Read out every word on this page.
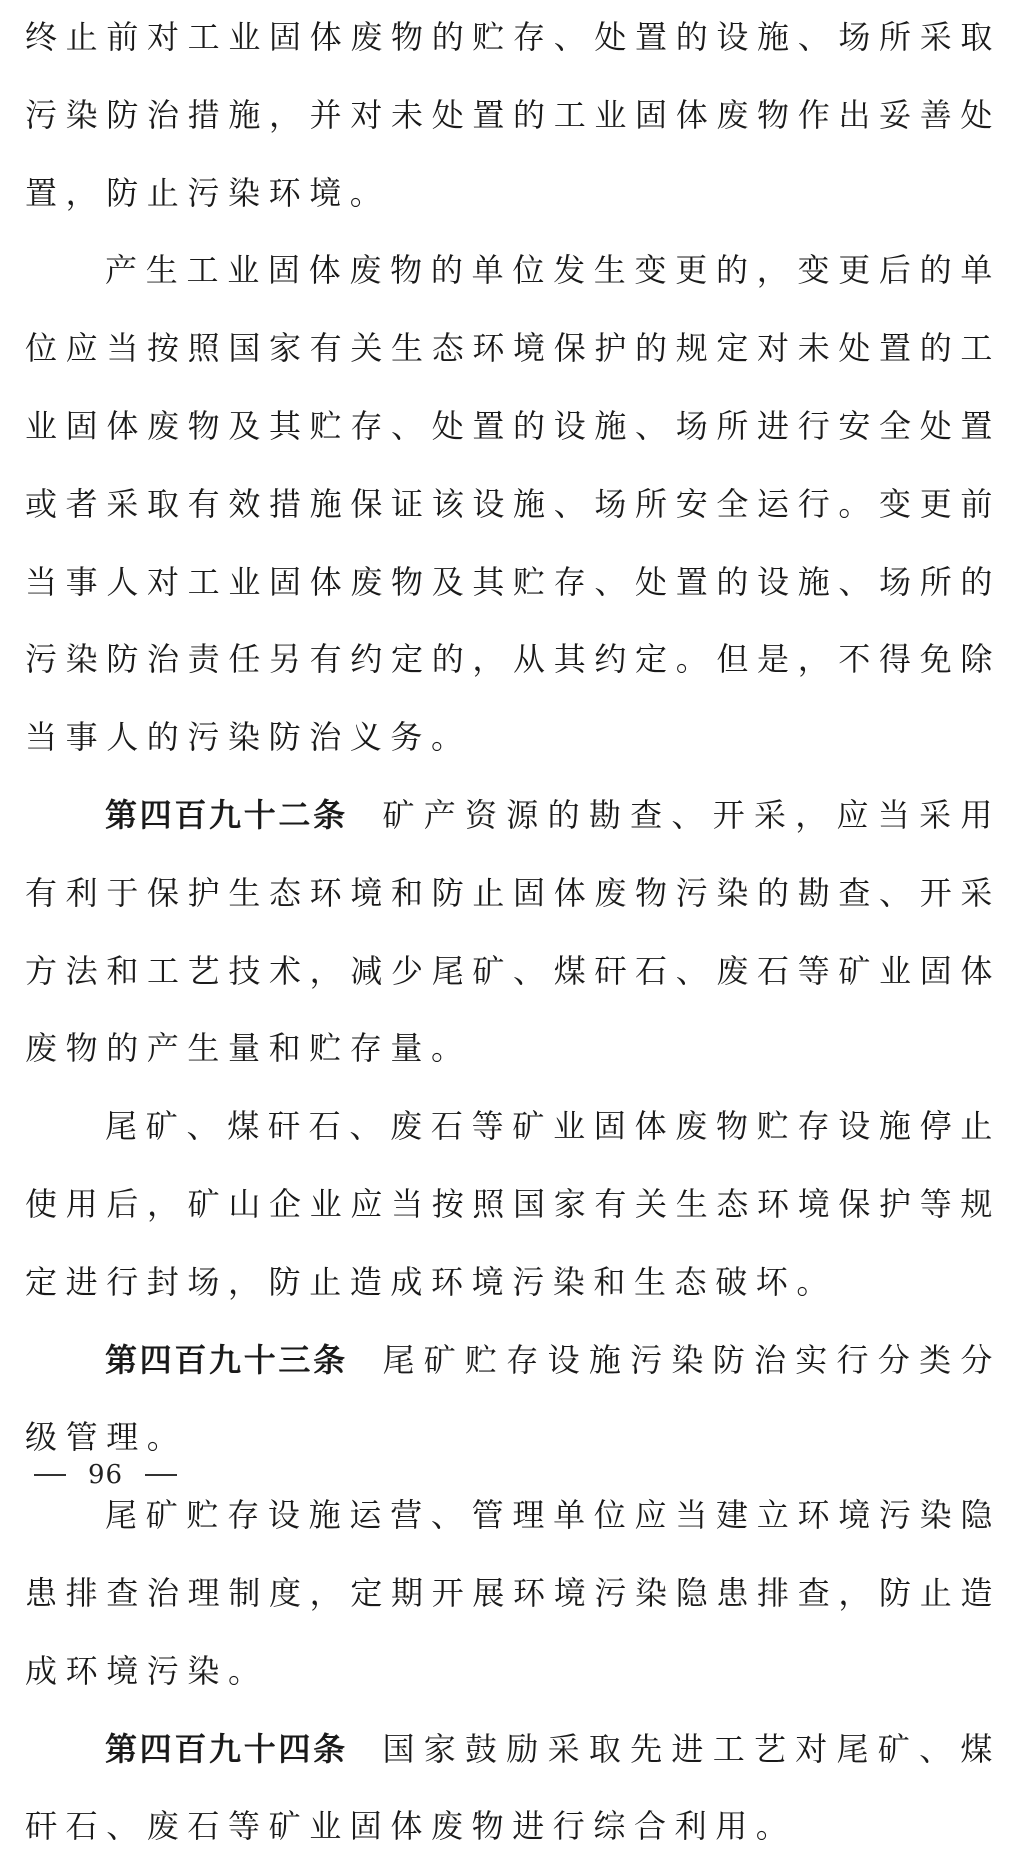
终止前对工业固体废物的贮存、处置的设施、场所采取污染防治措施，并对未处置的工业固体废物作出妥善处置，防止污染环境。

产生工业固体废物的单位发生变更的，变更后的单位应当按照国家有关生态环境保护的规定对未处置的工业固体废物及其贮存、处置的设施、场所进行安全处置或者采取有效措施保证该设施、场所安全运行。变更前当事人对工业固体废物及其贮存、处置的设施、场所的污染防治责任另有约定的，从其约定。但是，不得免除当事人的污染防治义务。

第四百九十二条 矿产资源的勘查、开采，应当采用有利于保护生态环境和防止固体废物污染的勘查、开采方法和工艺技术，减少尾矿、煤矸石、废石等矿业固体废物的产生量和贮存量。

尾矿、煤矸石、废石等矿业固体废物贮存设施停止使用后，矿山企业应当按照国家有关生态环境保护等规定进行封场，防止造成环境污染和生态破坏。

第四百九十三条 尾矿贮存设施污染防治实行分类分级管理。

尾矿贮存设施运营、管理单位应当建立环境污染隐患排查治理制度，定期开展环境污染隐患排查，防止造成环境污染。

第四百九十四条 国家鼓励采取先进工艺对尾矿、煤矸石、废石等矿业固体废物进行综合利用。

96
